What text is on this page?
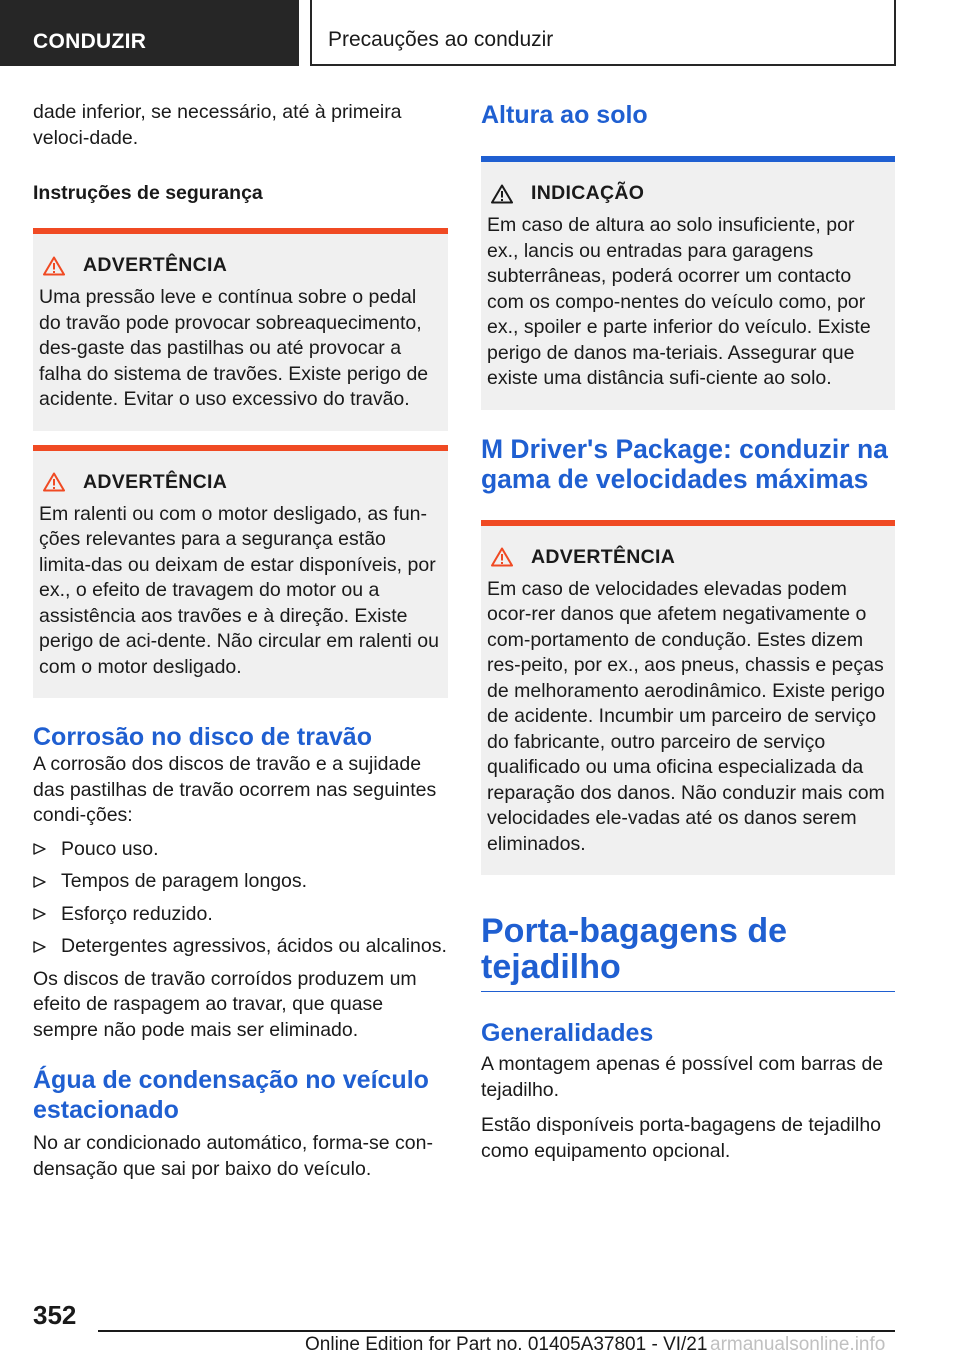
CONDUZIR	Precauções ao conduzir

dade inferior, se necessário, até à primeira veloci-dade.

Instruções de segurança
ADVERTÊNCIA
Uma pressão leve e contínua sobre o pedal do travão pode provocar sobreaquecimento, des-gaste das pastilhas ou até provocar a falha do sistema de travões. Existe perigo de acidente. Evitar o uso excessivo do travão.
ADVERTÊNCIA
Em ralenti ou com o motor desligado, as fun-ções relevantes para a segurança estão limita-das ou deixam de estar disponíveis, por ex., o efeito de travagem do motor ou a assistência aos travões e à direção. Existe perigo de aci-dente. Não circular em ralenti ou com o motor desligado.
Corrosão no disco de travão

A corrosão dos discos de travão e a sujidade das pastilhas de travão ocorrem nas seguintes condi-ções:

Pouco uso.
Tempos de paragem longos.
Esforço reduzido.
Detergentes agressivos, ácidos ou alcalinos.

Os discos de travão corroídos produzem um efeito de raspagem ao travar, que quase sempre não pode mais ser eliminado.

Água de condensação no veículo estacionado

No ar condicionado automático, forma-se con-densação que sai por baixo do veículo.

Altura ao solo
INDICAÇÃO
Em caso de altura ao solo insuficiente, por ex., lancis ou entradas para garagens subterrâneas, poderá ocorrer um contacto com os compo-nentes do veículo como, por ex., spoiler e parte inferior do veículo. Existe perigo de danos ma-teriais. Assegurar que existe uma distância sufi-ciente ao solo.
M Driver's Package: conduzir na gama de velocidades máximas
ADVERTÊNCIA
Em caso de velocidades elevadas podem ocor-rer danos que afetem negativamente o com-portamento de condução. Estes dizem res-peito, por ex., aos pneus, chassis e peças de melhoramento aerodinâmico. Existe perigo de acidente. Incumbir um parceiro de serviço do fabricante, outro parceiro de serviço qualificado ou uma oficina especializada da reparação dos danos. Não conduzir mais com velocidades ele-vadas até os danos serem eliminados.
Porta-bagagens de tejadilho
Generalidades

A montagem apenas é possível com barras de tejadilho.

Estão disponíveis porta-bagagens de tejadilho como equipamento opcional.

352
Online Edition for Part no. 01405A37801 - VI/21 armanualsonline.info
